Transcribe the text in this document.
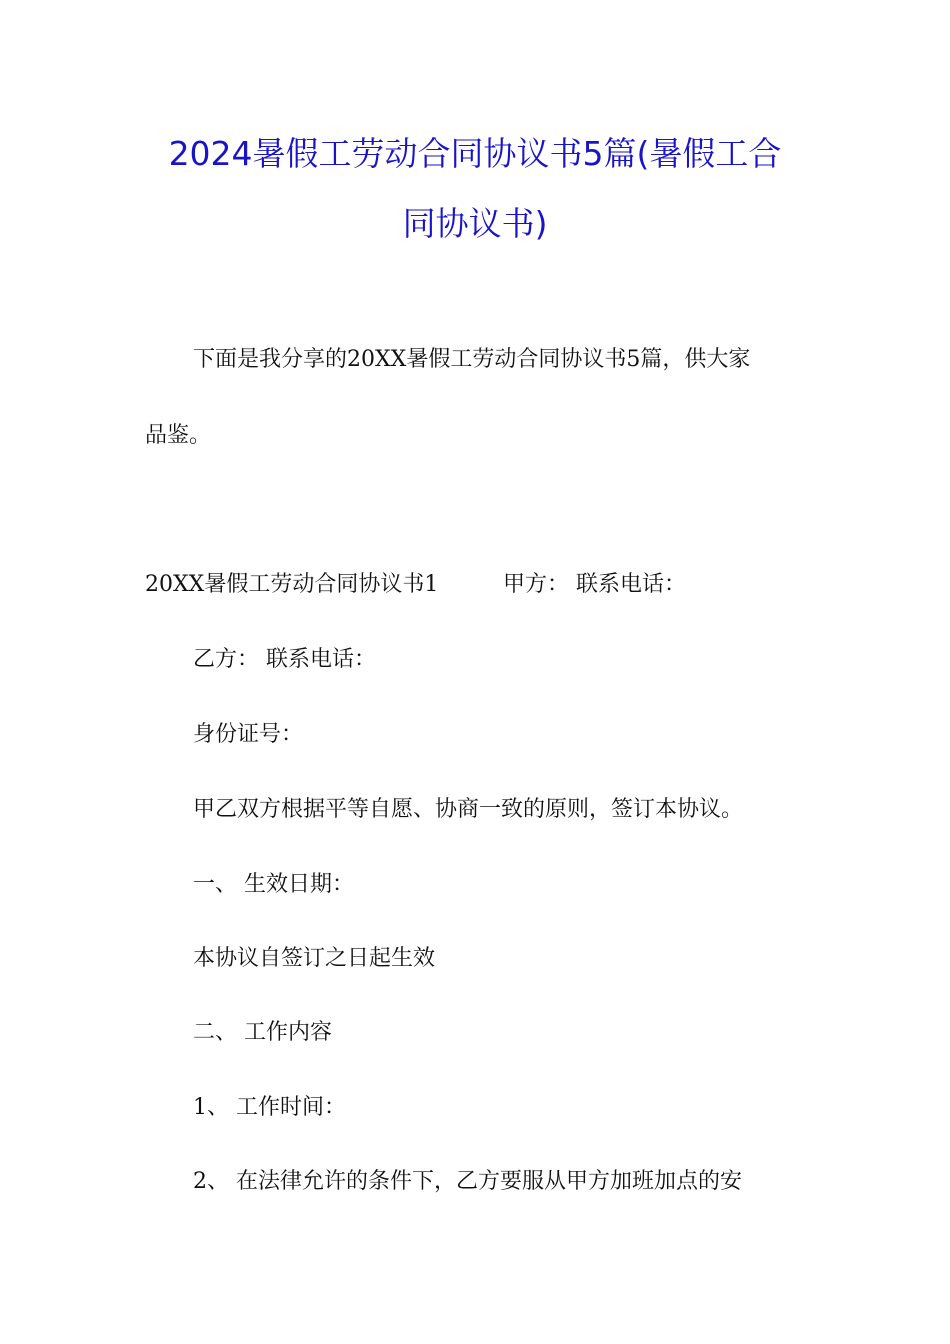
2024暑假工劳动合同协议书5篇(暑假工合
同协议书)
下面是我分享的20XX暑假工劳动合同协议书5篇，供大家
品鉴。
20XX暑假工劳动合同协议书1	甲方： 联系电话：
乙方： 联系电话：
身份证号：
甲乙双方根据平等自愿、协商一致的原则，签订本协议。
一、 生效日期：
本协议自签订之日起生效
二、 工作内容
1、 工作时间：
2、 在法律允许的条件下，乙方要服从甲方加班加点的安
